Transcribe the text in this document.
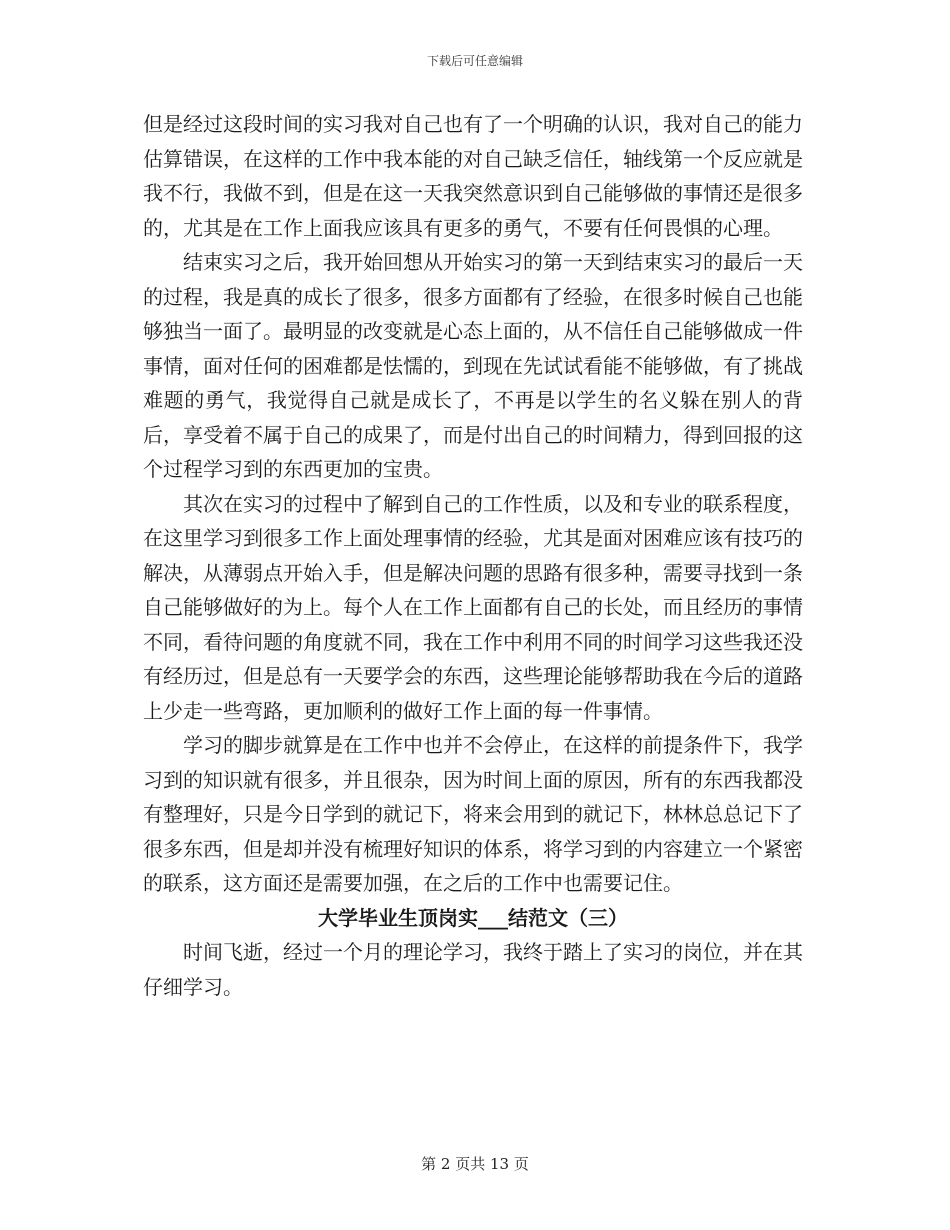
下载后可任意编辑

但是经过这段时间的实习我对自己也有了一个明确的认识，我对自己的能力估算错误，在这样的工作中我本能的对自己缺乏信任，轴线第一个反应就是我不行，我做不到，但是在这一天我突然意识到自己能够做的事情还是很多的，尤其是在工作上面我应该具有更多的勇气，不要有任何畏惧的心理。

结束实习之后，我开始回想从开始实习的第一天到结束实习的最后一天的过程，我是真的成长了很多，很多方面都有了经验，在很多时候自己也能够独当一面了。最明显的改变就是心态上面的，从不信任自己能够做成一件事情，面对任何的困难都是怯懦的，到现在先试试看能不能够做，有了挑战难题的勇气，我觉得自己就是成长了，不再是以学生的名义躲在别人的背后，享受着不属于自己的成果了，而是付出自己的时间精力，得到回报的这个过程学习到的东西更加的宝贵。

其次在实习的过程中了解到自己的工作性质，以及和专业的联系程度，在这里学习到很多工作上面处理事情的经验，尤其是面对困难应该有技巧的解决，从薄弱点开始入手，但是解决问题的思路有很多种，需要寻找到一条自己能够做好的为上。每个人在工作上面都有自己的长处，而且经历的事情不同，看待问题的角度就不同，我在工作中利用不同的时间学习这些我还没有经历过，但是总有一天要学会的东西，这些理论能够帮助我在今后的道路上少走一些弯路，更加顺利的做好工作上面的每一件事情。

学习的脚步就算是在工作中也并不会停止，在这样的前提条件下，我学习到的知识就有很多，并且很杂，因为时间上面的原因，所有的东西我都没有整理好，只是今日学到的就记下，将来会用到的就记下，林林总总记下了很多东西，但是却并没有梳理好知识的体系，将学习到的内容建立一个紧密的联系，这方面还是需要加强，在之后的工作中也需要记住。

大学毕业生顶岗实___结范文（三）

时间飞逝，经过一个月的理论学习，我终于踏上了实习的岗位，并在其仔细学习。

第 2 页共 13 页
